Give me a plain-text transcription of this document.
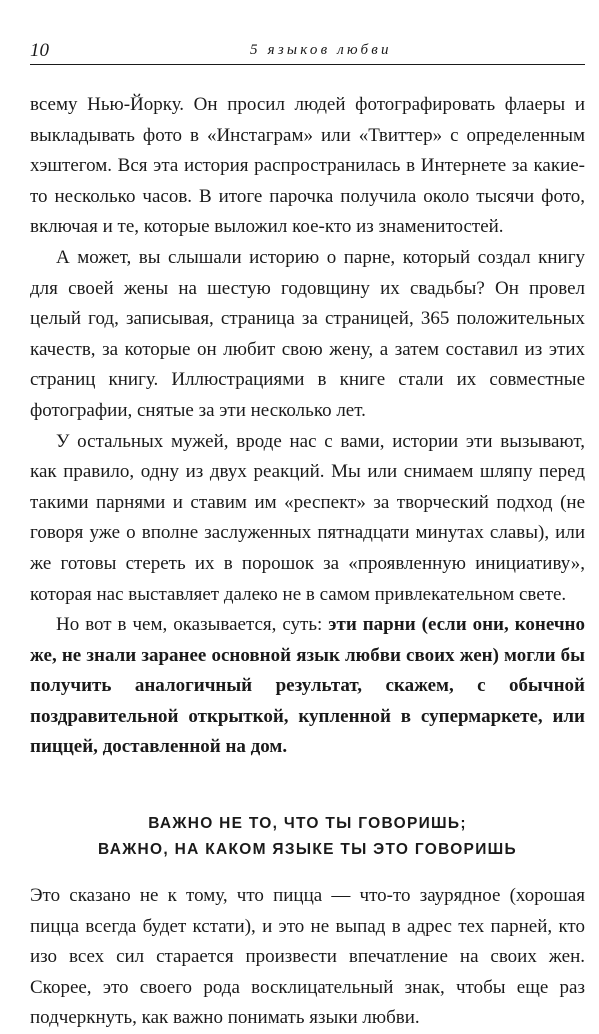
10	5 языков любви

всему Нью-Йорку. Он просил людей фотографировать флаеры и выкладывать фото в «Инстаграм» или «Твиттер» с определенным хэштегом. Вся эта история распространилась в Интернете за какие-то несколько часов. В итоге парочка получила около тысячи фото, включая и те, которые выложил кое-кто из знаменитостей.

А может, вы слышали историю о парне, который создал книгу для своей жены на шестую годовщину их свадьбы? Он провел целый год, записывая, страница за страницей, 365 положительных качеств, за которые он любит свою жену, а затем составил из этих страниц книгу. Иллюстрациями в книге стали их совместные фотографии, снятые за эти несколько лет.

У остальных мужей, вроде нас с вами, истории эти вызывают, как правило, одну из двух реакций. Мы или снимаем шляпу перед такими парнями и ставим им «респект» за творческий подход (не говоря уже о вполне заслуженных пятнадцати минутах славы), или же готовы стереть их в порошок за «проявленную инициативу», которая нас выставляет далеко не в самом привлекательном свете.

Но вот в чем, оказывается, суть: эти парни (если они, конечно же, не знали заранее основной язык любви своих жен) могли бы получить аналогичный результат, скажем, с обычной поздравительной открыткой, купленной в супермаркете, или пиццей, доставленной на дом.

ВАЖНО НЕ ТО, ЧТО ТЫ ГОВОРИШЬ;
ВАЖНО, НА КАКОМ ЯЗЫКЕ ТЫ ЭТО ГОВОРИШЬ

Это сказано не к тому, что пицца — что-то заурядное (хорошая пицца всегда будет кстати), и это не выпад в адрес тех парней, кто изо всех сил старается произвести впечатление на своих жен. Скорее, это своего рода восклицательный знак, чтобы еще раз подчеркнуть, как важно понимать языки любви.
